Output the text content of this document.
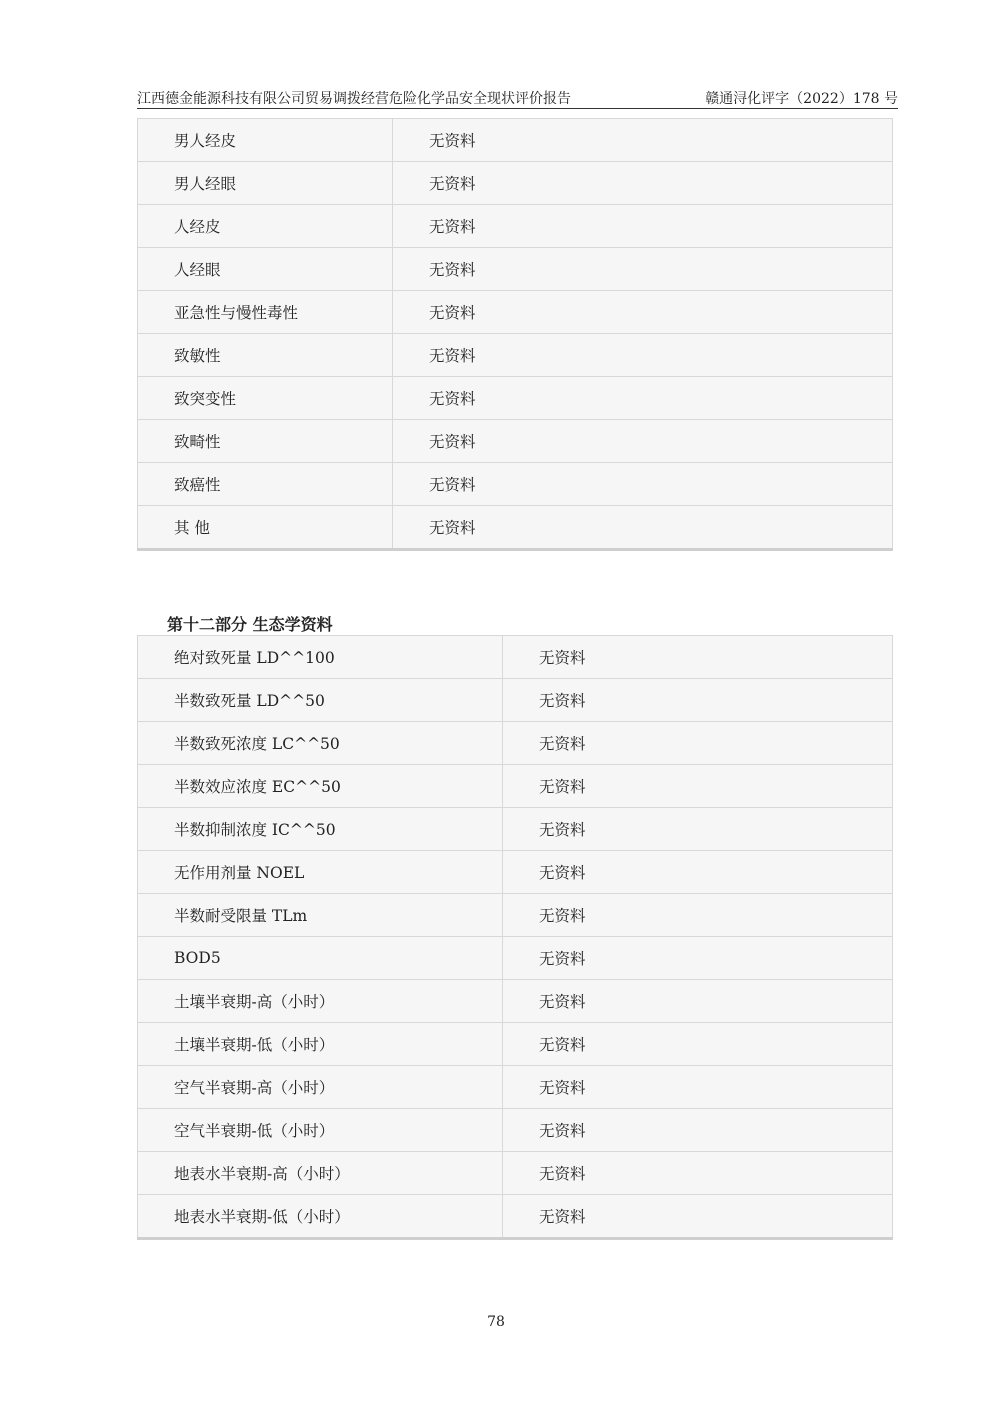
江西德金能源科技有限公司贸易调拨经营危险化学品安全现状评价报告	赣通浔化评字（2022）178 号
男人经皮	无资料
男人经眼	无资料
人经皮	无资料
人经眼	无资料
亚急性与慢性毒性	无资料
致敏性	无资料
致突变性	无资料
致畸性	无资料
致癌性	无资料
其 他	无资料
第十二部分 生态学资料
绝对致死量 LD^^100	无资料
半数致死量 LD^^50	无资料
半数致死浓度 LC^^50	无资料
半数效应浓度 EC^^50	无资料
半数抑制浓度 IC^^50	无资料
无作用剂量 NOEL	无资料
半数耐受限量 TLm	无资料
BOD5	无资料
土壤半衰期-高（小时）	无资料
土壤半衰期-低（小时）	无资料
空气半衰期-高（小时）	无资料
空气半衰期-低（小时）	无资料
地表水半衰期-高（小时）	无资料
地表水半衰期-低（小时）	无资料
78
